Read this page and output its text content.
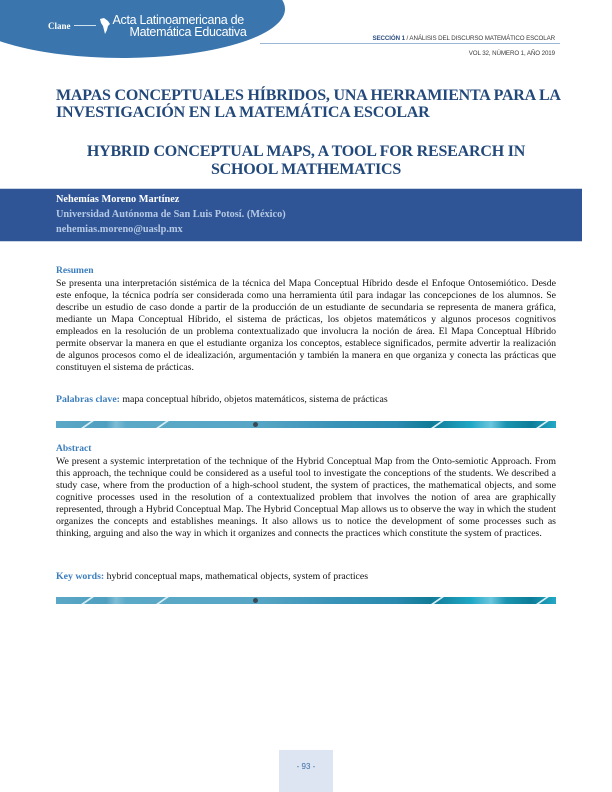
Clane	Acta Latinoamericana de
Matemática Educativa	SECCIÓN 1 / ANÁLISIS DEL DISCURSO MATEMÁTICO ESCOLAR
VOL 32, NÚMERO 1, AÑO 2019
MAPAS CONCEPTUALES HÍBRIDOS, UNA HERRAMIENTA PARA LA INVESTIGACIÓN EN LA MATEMÁTICA ESCOLAR
HYBRID CONCEPTUAL MAPS, A TOOL FOR RESEARCH IN
SCHOOL MATHEMATICS
Nehemías Moreno Martínez
Universidad Autónoma de San Luis Potosí. (México)
nehemias.moreno@uaslp.mx
Resumen
Se presenta una interpretación sistémica de la técnica del Mapa Conceptual Híbrido desde el Enfoque Ontosemiótico. Desde este enfoque, la técnica podría ser considerada como una herramienta útil para indagar las concepciones de los alumnos. Se describe un estudio de caso donde a partir de la producción de un estudiante de secundaria se representa de manera gráfica, mediante un Mapa Conceptual Híbrido, el sistema de prácticas, los objetos matemáticos y algunos procesos cognitivos empleados en la resolución de un problema contextualizado que involucra la noción de área. El Mapa Conceptual Híbrido permite observar la manera en que el estudiante organiza los conceptos, establece significados, permite advertir la realización de algunos procesos como el de idealización, argumentación y también la manera en que organiza y conecta las prácticas que constituyen el sistema de prácticas.
Palabras clave: mapa conceptual híbrido, objetos matemáticos, sistema de prácticas
Abstract
We present a systemic interpretation of the technique of the Hybrid Conceptual Map from the Onto-semiotic Approach. From this approach, the technique could be considered as a useful tool to investigate the conceptions of the students. We described a study case, where from the production of a high-school student, the system of practices, the mathematical objects, and some cognitive processes used in the resolution of a contextualized problem that involves the notion of area are graphically represented, through a Hybrid Conceptual Map. The Hybrid Conceptual Map allows us to observe the way in which the student organizes the concepts and establishes meanings. It also allows us to notice the development of some processes such as thinking, arguing and also the way in which it organizes and connects the practices which constitute the system of practices.
Key words: hybrid conceptual maps, mathematical objects, system of practices
- 93 -
